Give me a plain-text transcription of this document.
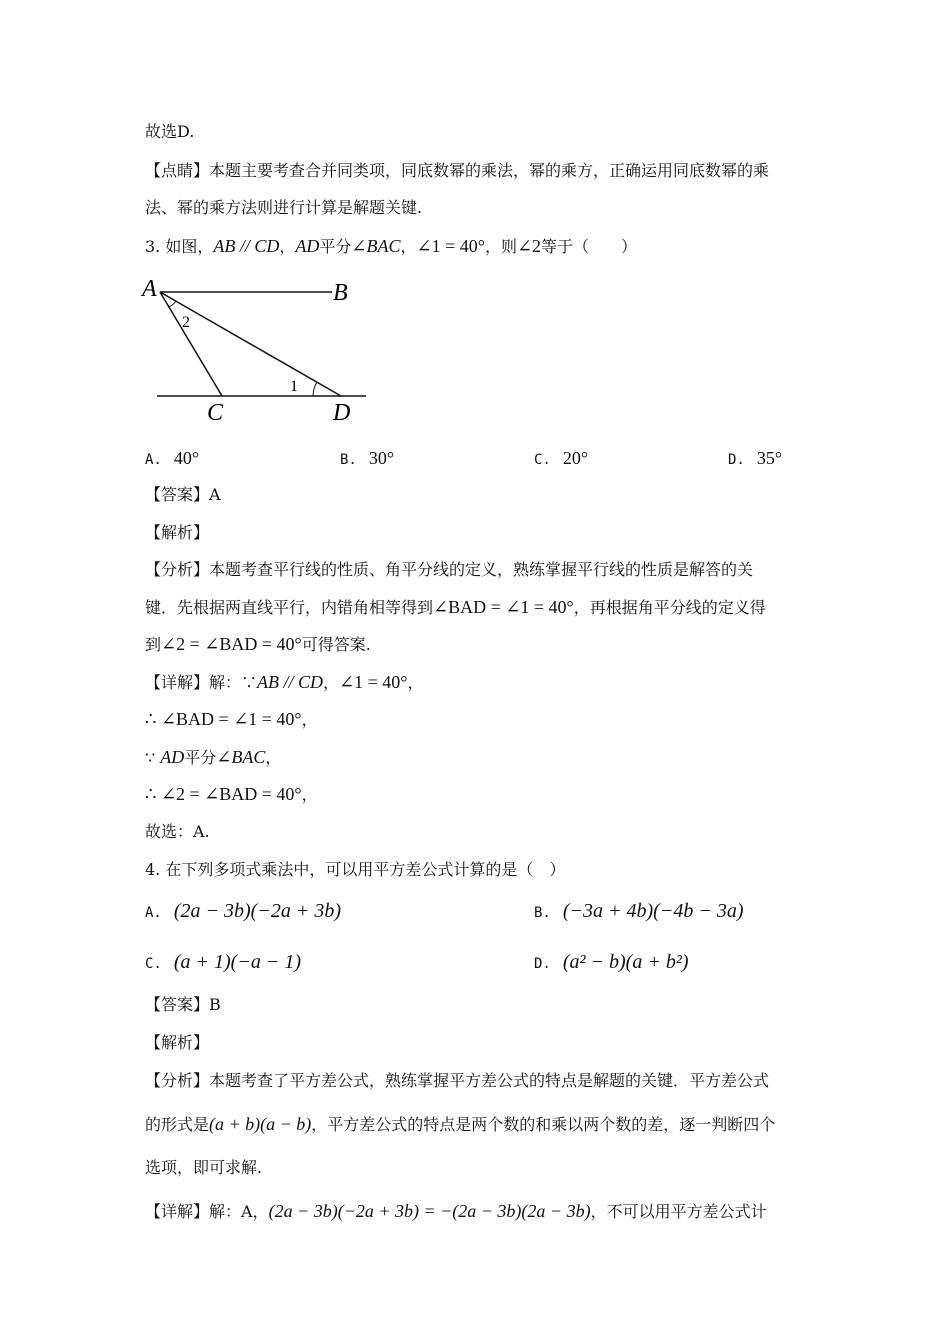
故选D.
【点睛】本题主要考查合并同类项，同底数幂的乘法，幂的乘方，正确运用同底数幂的乘
法、幂的乘方法则进行计算是解题关键.
3. 如图，AB // CD，AD平分∠BAC，∠1 = 40°，则∠2等于（　　）
A	B
C	D
2
1
A. 40°	B. 30°	C. 20°	D. 35°
【答案】A
【解析】
【分析】本题考查平行线的性质、角平分线的定义，熟练掌握平行线的性质是解答的关
键．先根据两直线平行，内错角相等得到∠BAD = ∠1 = 40°，再根据角平分线的定义得
到∠2 = ∠BAD = 40°可得答案.
【详解】解：∵AB // CD，∠1 = 40°，
∴ ∠BAD = ∠1 = 40°，
∵ AD平分∠BAC，
∴ ∠2 = ∠BAD = 40°，
故选：A.
4. 在下列多项式乘法中，可以用平方差公式计算的是（　）
A. (2a − 3b)(−2a + 3b)	B. (−3a + 4b)(−4b − 3a)
C. (a + 1)(−a − 1)	D. (a² − b)(a + b²)
【答案】B
【解析】
【分析】本题考查了平方差公式，熟练掌握平方差公式的特点是解题的关键．平方差公式
的形式是(a + b)(a − b)，平方差公式的特点是两个数的和乘以两个数的差，逐一判断四个
选项，即可求解.
【详解】解：A，(2a − 3b)(−2a + 3b) = −(2a − 3b)(2a − 3b)，不可以用平方差公式计
